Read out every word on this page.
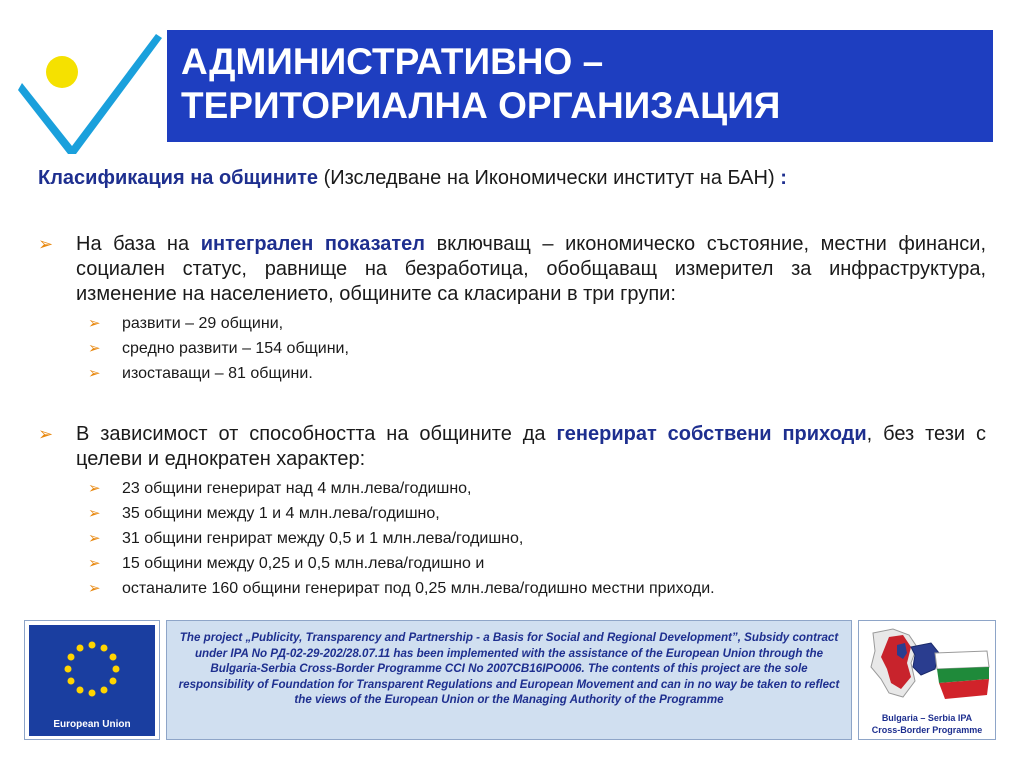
АДМИНИСТРАТИВНО –
ТЕРИТОРИАЛНА ОРГАНИЗАЦИЯ
Класификация на общините (Изследване на Икономически институт на БАН) :
➢ На база на интегрален показател включващ – икономическо състояние, местни финанси, социален статус, равнище на безработица, обобщаващ измерител за инфраструктура, изменение на населението, общините са класирани в три групи:
➢ развити – 29 общини,
➢ средно развити – 154 общини,
➢ изоставащи – 81 общини.
➢ В зависимост от способността на общините да генерират собствени приходи, без тези с целеви и еднократен характер:
➢ 23 общини генерират над 4 млн.лева/годишно,
➢ 35 общини между 1 и 4 млн.лева/годишно,
➢ 31 общини генрират между 0,5 и 1 млн.лева/годишно,
➢ 15 общини между 0,25 и 0,5 млн.лева/годишно и
➢ останалите 160 общини генерират под 0,25 млн.лева/годишно местни приходи.
European Union
The project „Publicity, Transparency and Partnership - a Basis for Social and Regional Development”, Subsidy contract under IPA No РД-02-29-202/28.07.11 has been implemented with the assistance of the European Union through the Bulgaria-Serbia Cross-Border Programme CCI No 2007CB16IPO006. The contents of this project are the sole responsibility of Foundation for Transparent Regulations and European Movement and can in no way be taken to reflect the views of the European Union or the Managing Authority of the Programme
Bulgaria – Serbia IPA
Cross-Border Programme
